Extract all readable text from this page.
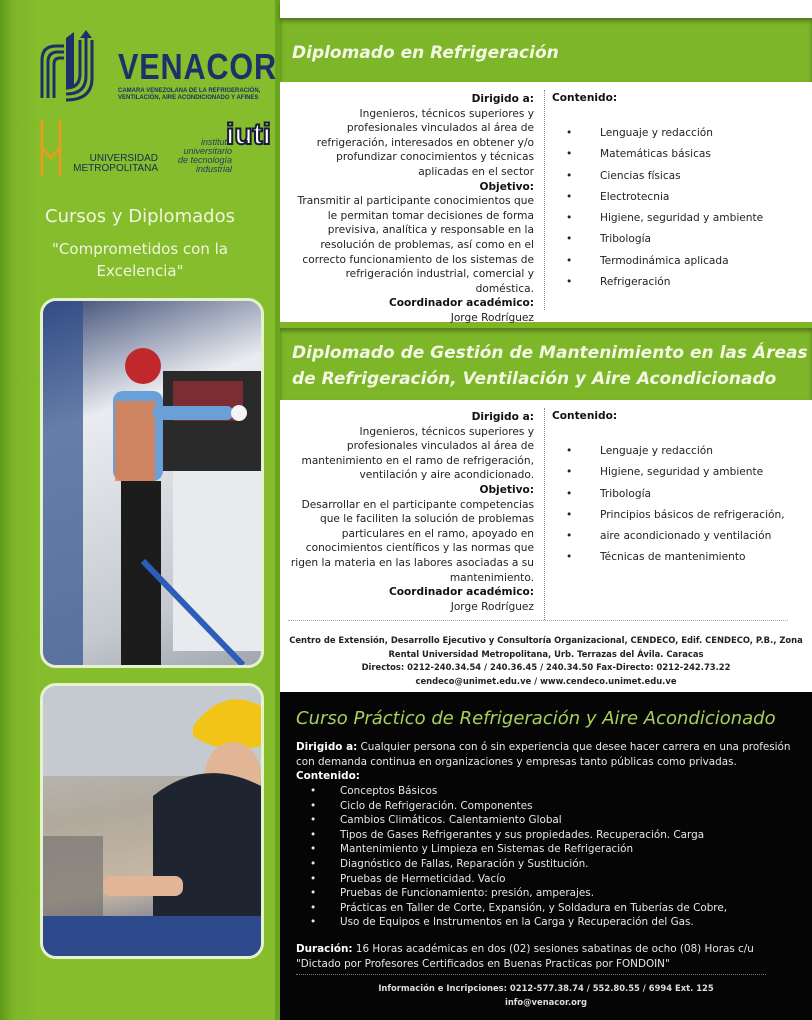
VENACOR
CAMARA VENEZOLANA DE LA REFRIGERACIÓN, VENTILACIÓN, AIRE ACONDICIONADO Y AFINES
UNIVERSIDAD
METROPOLITANA
instituto
universitario
de tecnología
industrial
iuti
Cursos y Diplomados
"Comprometidos con la Excelencia"
Diplomado en Refrigeración
Dirigido a:
Ingenieros, técnicos superiores y profesionales vinculados al área de refrigeración, interesados en obtener y/o profundizar conocimientos y técnicas aplicadas en el sector
Objetivo:
Transmitir al participante conocimientos que le permitan tomar decisiones de forma previsiva, analítica y responsable en la resolución de problemas, así como en el correcto funcionamiento de los sistemas de refrigeración industrial, comercial y doméstica.
Coordinador académico:
Jorge Rodríguez
Contenido:
• Lenguaje y redacción
• Matemáticas básicas
• Ciencias físicas
• Electrotecnia
• Higiene, seguridad y ambiente
• Tribología
• Termodinámica aplicada
• Refrigeración
Diplomado de Gestión de Mantenimiento en las Áreas
de Refrigeración, Ventilación y Aire Acondicionado
Dirigido a:
Ingenieros, técnicos superiores y profesionales vinculados al área de mantenimiento en el ramo de refrigeración, ventilación y aire acondicionado.
Objetivo:
Desarrollar en el participante competencias que le faciliten la solución de problemas particulares en el ramo, apoyado en conocimientos científicos y las normas que rigen la materia en las labores asociadas a su mantenimiento.
Coordinador académico:
Jorge Rodríguez
Contenido:
• Lenguaje y redacción
• Higiene, seguridad y ambiente
• Tribología
• Principios básicos de refrigeración,
• aire acondicionado y ventilación
• Técnicas de mantenimiento
Centro de Extensión, Desarrollo Ejecutivo y Consultoría Organizacional, CENDECO, Edif. CENDECO, P.B., Zona
Rental Universidad Metropolitana, Urb. Terrazas del Ávila. Caracas
Directos: 0212-240.34.54 / 240.36.45 / 240.34.50 Fax-Directo: 0212-242.73.22
cendeco@unimet.edu.ve / www.cendeco.unimet.edu.ve
Curso Práctico de Refrigeración y Aire Acondicionado
Dirigido a: Cualquier persona con ó sin experiencia que desee hacer carrera en una profesión con demanda continua en organizaciones y empresas tanto públicas como privadas.
Contenido:
• Conceptos Básicos
• Ciclo de Refrigeración. Componentes
• Cambios Climáticos. Calentamiento Global
• Tipos de Gases Refrigerantes y sus propiedades. Recuperación. Carga
• Mantenimiento y Limpieza en Sistemas de Refrigeración
• Diagnóstico de Fallas, Reparación y Sustitución.
• Pruebas de Hermeticidad. Vacío
• Pruebas de Funcionamiento: presión, amperajes.
• Prácticas en Taller de Corte, Expansión, y Soldadura en Tuberías de Cobre,
• Uso de Equipos e Instrumentos en la Carga y Recuperación del Gas.
Duración: 16 Horas académicas en dos (02) sesiones sabatinas de ocho (08) Horas c/u
"Dictado por Profesores Certificados en Buenas Practicas por FONDOIN"
Información e Incripciones: 0212-577.38.74 / 552.80.55 / 6994 Ext. 125
info@venacor.org
